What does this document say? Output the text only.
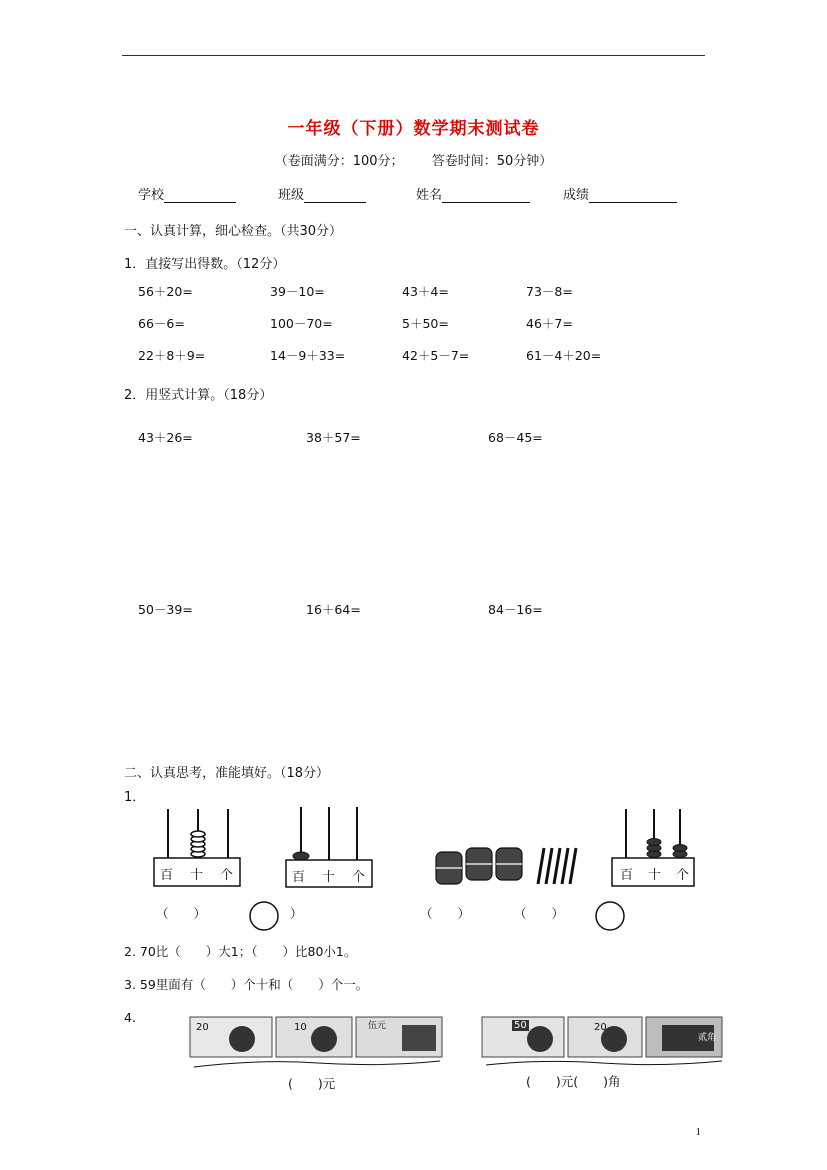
一年级（下册）数学期末测试卷
（卷面满分：100分； 答卷时间：50分钟）
学校	班级	姓名	成绩
一、认真计算，细心检查。（共30分）
1．直接写出得数。（12分）
56＋20=	39－10=	43＋4=	73－8=
66－6=	100－70=	5＋50=	46＋7=
22＋8＋9=	14－9＋33=	42＋5－7=	61－4＋20=
2．用竖式计算。（18分）
43＋26=	38＋57=	68－45=
50－39=	16＋64=	84－16=
二、认真思考，准能填好。（18分）
1．
百 十 个	百 十 个	百 十 个
（　　）	）	（　　）	（　　）
2. 70比（　　）大1；（　　）比80小1。
3. 59里面有（　　）个十和（　　）个一。
4.
20	10	伍元
(　　)元
50	20
贰角
(　　)元(　　)角
1
